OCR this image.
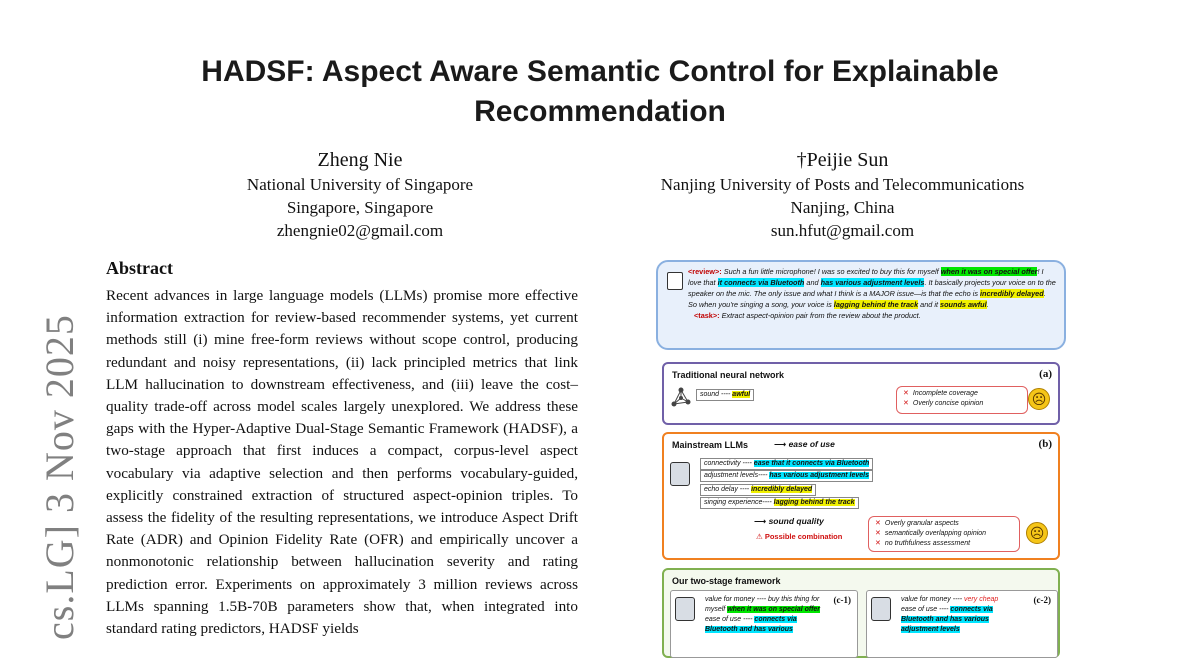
cs.LG] 3 Nov 2025
HADSF: Aspect Aware Semantic Control for Explainable Recommendation
Zheng Nie
National University of Singapore
Singapore, Singapore
zhengnie02@gmail.com
†Peijie Sun
Nanjing University of Posts and Telecommunications
Nanjing, China
sun.hfut@gmail.com
Abstract
Recent advances in large language models (LLMs) promise more effective information extraction for review-based recommender systems, yet current methods still (i) mine free-form reviews without scope control, producing redundant and noisy representations, (ii) lack principled metrics that link LLM hallucination to downstream effectiveness, and (iii) leave the cost–quality trade-off across model scales largely unexplored. We address these gaps with the Hyper-Adaptive Dual-Stage Semantic Framework (HADSF), a two-stage approach that first induces a compact, corpus-level aspect vocabulary via adaptive selection and then performs vocabulary-guided, explicitly constrained extraction of structured aspect-opinion triples. To assess the fidelity of the resulting representations, we introduce Aspect Drift Rate (ADR) and Opinion Fidelity Rate (OFR) and empirically uncover a nonmonotonic relationship between hallucination severity and rating prediction error. Experiments on approximately 3 million reviews across LLMs spanning 1.5B-70B parameters show that, when integrated into standard rating predictors, HADSF yields
<review>: Such a fun little microphone! I was so excited to buy this for myself when it was on special offer! I love that it connects via Bluetooth and has various adjustment levels. It basically projects your voice on to the speaker on the mic. The only issue and what I think is a MAJOR issue—is that the echo is incredibly delayed. So when you're singing a song, your voice is lagging behind the track and it sounds awful.
<task>: Extract aspect-opinion pair from the review about the product.
Traditional neural network	(a)
sound ---- awful	✕ Incomplete coverage
✕ Overly concise opinion	☹
Mainstream LLMs	⟶ ease of use	(b)
connectivity ---- ease that it connects via Bluetooth
adjustment levels---- has various adjustment levels
echo delay ---- incredibly delayed
singing experience---- lagging behind the track
⟶ sound quality
⚠ Possible combination
✕ Overly granular aspects
✕ semantically overlapping opinion
✕ no truthfulness assessment
☹
Our two-stage framework
(c-1)
value for money ---- buy this thing for myself when it was on special offer
ease of use ---- connects via Bluetooth and has various
(c-2)
value for money ---- very cheap
ease of use ---- connects via Bluetooth and has various adjustment levels
